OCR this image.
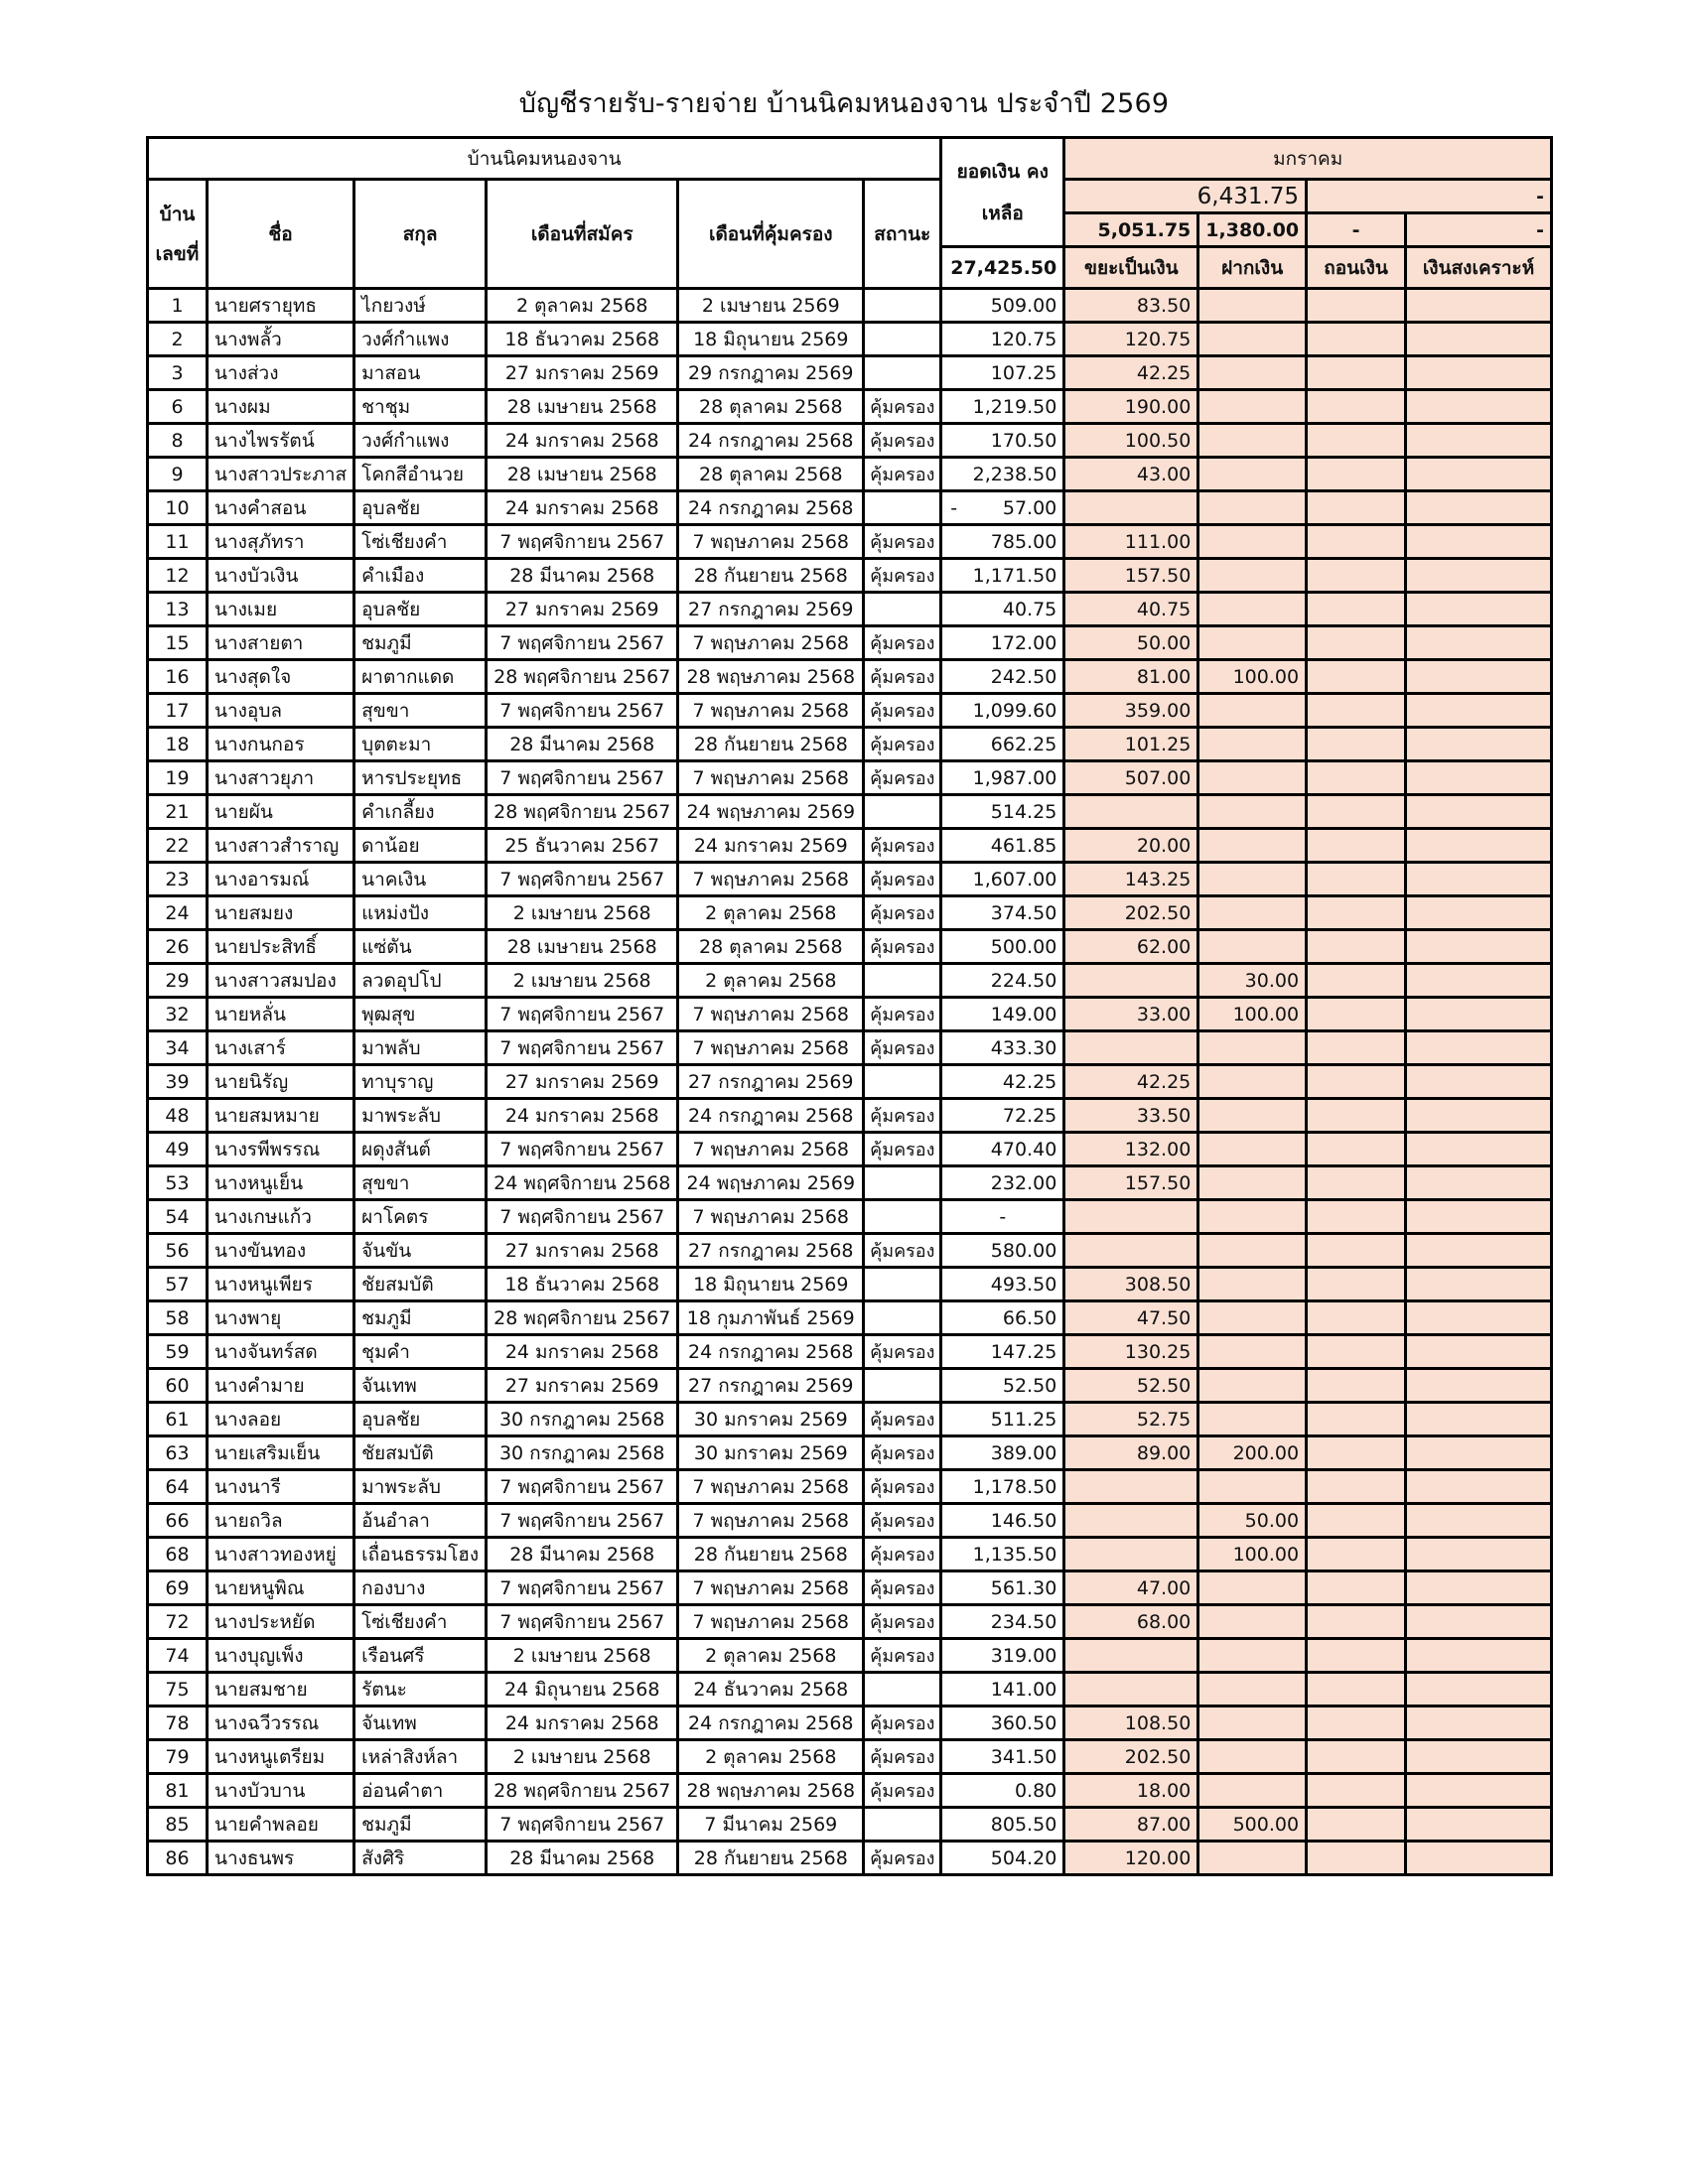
บัญชีรายรับ-รายจ่าย บ้านนิคมหนองจาน ประจำปี 2569
บ้านนิคมหนองจาน						ยอดเงิน คงเหลือ	มกราคม			
บ้าน เลขที่	ชื่อ	สกุล	เดือนที่สมัคร	เดือนที่คุ้มครอง	สถานะ		6,431.75		-	
							5,051.75	1,380.00	-	-
						27,425.50	ขยะเป็นเงิน	ฝากเงิน	ถอนเงิน	เงินสงเคราะห์
1	นายศรายุทธ	ไกยวงษ์	2 ตุลาคม 2568	2 เมษายน 2569		509.00	83.50			
2	นางพลั้ว	วงศ์กำแพง	18 ธันวาคม 2568	18 มิถุนายน 2569		120.75	120.75			
3	นางส่วง	มาสอน	27 มกราคม 2569	29 กรกฎาคม 2569		107.25	42.25			
6	นางผม	ชาชุม	28 เมษายน 2568	28 ตุลาคม 2568	คุ้มครอง	1,219.50	190.00			
8	นางไพรรัตน์	วงศ์กำแพง	24 มกราคม 2568	24 กรกฎาคม 2568	คุ้มครอง	170.50	100.50			
9	นางสาวประภาส	โคกสีอำนวย	28 เมษายน 2568	28 ตุลาคม 2568	คุ้มครอง	2,238.50	43.00			
10	นางคำสอน	อุบลชัย	24 มกราคม 2568	24 กรกฎาคม 2568		- 57.00				

11	นางสุภัทรา	โซ่เชียงคำ	7 พฤศจิกายน 2567	7 พฤษภาคม 2568	คุ้มครอง	785.00	111.00			
12	นางบัวเงิน	คำเมือง	28 มีนาคม 2568	28 กันยายน 2568	คุ้มครอง	1,171.50	157.50			
13	นางเมย	อุบลชัย	27 มกราคม 2569	27 กรกฎาคม 2569		40.75	40.75			
15	นางสายตา	ชมภูมี	7 พฤศจิกายน 2567	7 พฤษภาคม 2568	คุ้มครอง	172.00	50.00			
16	นางสุดใจ	ผาตากแดด	28 พฤศจิกายน 2567	28 พฤษภาคม 2568	คุ้มครอง	242.50	81.00	100.00		
17	นางอุบล	สุขขา	7 พฤศจิกายน 2567	7 พฤษภาคม 2568	คุ้มครอง	1,099.60	359.00			
18	นางกนกอร	บุตตะมา	28 มีนาคม 2568	28 กันยายน 2568	คุ้มครอง	662.25	101.25			
19	นางสาวยุภา	หารประยุทธ	7 พฤศจิกายน 2567	7 พฤษภาคม 2568	คุ้มครอง	1,987.00	507.00			
21	นายผัน	คำเกลี้ยง	28 พฤศจิกายน 2567	24 พฤษภาคม 2569		514.25				
22	นางสาวสำราญ	ดาน้อย	25 ธันวาคม 2567	24 มกราคม 2569	คุ้มครอง	461.85	20.00			
23	นางอารมณ์	นาคเงิน	7 พฤศจิกายน 2567	7 พฤษภาคม 2568	คุ้มครอง	1,607.00	143.25			
24	นายสมยง	แหม่งปัง	2 เมษายน 2568	2 ตุลาคม 2568	คุ้มครอง	374.50	202.50			
26	นายประสิทธิ์	แซ่ตัน	28 เมษายน 2568	28 ตุลาคม 2568	คุ้มครอง	500.00	62.00			
29	นางสาวสมปอง	ลวดอุปโป	2 เมษายน 2568	2 ตุลาคม 2568		224.50		30.00		
32	นายหลั่น	พุฒสุข	7 พฤศจิกายน 2567	7 พฤษภาคม 2568	คุ้มครอง	149.00	33.00	100.00		
34	นางเสาร์	มาพลับ	7 พฤศจิกายน 2567	7 พฤษภาคม 2568	คุ้มครอง	433.30				
39	นายนิรัญ	ทาบุราญ	27 มกราคม 2569	27 กรกฎาคม 2569		42.25	42.25			
48	นายสมหมาย	มาพระลับ	24 มกราคม 2568	24 กรกฎาคม 2568	คุ้มครอง	72.25	33.50			
49	นางรพีพรรณ	ผดุงสันต์	7 พฤศจิกายน 2567	7 พฤษภาคม 2568	คุ้มครอง	470.40	132.00			
53	นางหนูเย็น	สุขขา	24 พฤศจิกายน 2568	24 พฤษภาคม 2569		232.00	157.50			
54	นางเกษแก้ว	ผาโคตร	7 พฤศจิกายน 2567	7 พฤษภาคม 2568		-				
56	นางขันทอง	จันขัน	27 มกราคม 2568	27 กรกฎาคม 2568	คุ้มครอง	580.00				
57	นางหนูเพียร	ชัยสมบัติ	18 ธันวาคม 2568	18 มิถุนายน 2569		493.50	308.50			
58	นางพายุ	ชมภูมี	28 พฤศจิกายน 2567	18 กุมภาพันธ์ 2569		66.50	47.50			
59	นางจันทร์สด	ชุมคำ	24 มกราคม 2568	24 กรกฎาคม 2568	คุ้มครอง	147.25	130.25			
60	นางคำมาย	จันเทพ	27 มกราคม 2569	27 กรกฎาคม 2569		52.50	52.50			
61	นางลอย	อุบลชัย	30 กรกฎาคม 2568	30 มกราคม 2569	คุ้มครอง	511.25	52.75			
63	นายเสริมเย็น	ชัยสมบัติ	30 กรกฎาคม 2568	30 มกราคม 2569	คุ้มครอง	389.00	89.00	200.00		
64	นางนารี	มาพระลับ	7 พฤศจิกายน 2567	7 พฤษภาคม 2568	คุ้มครอง	1,178.50				
66	นายถวิล	อ้นอำลา	7 พฤศจิกายน 2567	7 พฤษภาคม 2568	คุ้มครอง	146.50		50.00		
68	นางสาวทองหยู่	เถื่อนธรรมโฮง	28 มีนาคม 2568	28 กันยายน 2568	คุ้มครอง	1,135.50		100.00		
69	นายหนูพิณ	กองบาง	7 พฤศจิกายน 2567	7 พฤษภาคม 2568	คุ้มครอง	561.30	47.00			
72	นางประหยัด	โซ่เชียงคำ	7 พฤศจิกายน 2567	7 พฤษภาคม 2568	คุ้มครอง	234.50	68.00			
74	นางบุญเพ็ง	เรือนศรี	2 เมษายน 2568	2 ตุลาคม 2568	คุ้มครอง	319.00				
75	นายสมชาย	รัตนะ	24 มิถุนายน 2568	24 ธันวาคม 2568		141.00				
78	นางฉวีวรรณ	จันเทพ	24 มกราคม 2568	24 กรกฎาคม 2568	คุ้มครอง	360.50	108.50			
79	นางหนูเตรียม	เหล่าสิงห์ลา	2 เมษายน 2568	2 ตุลาคม 2568	คุ้มครอง	341.50	202.50			
81	นางบัวบาน	อ่อนคำตา	28 พฤศจิกายน 2567	28 พฤษภาคม 2568	คุ้มครอง	0.80	18.00			
85	นายคำพลอย	ชมภูมี	7 พฤศจิกายน 2567	7 มีนาคม 2569		805.50	87.00	500.00		
86	นางธนพร	สังศิริ	28 มีนาคม 2568	28 กันยายน 2568	คุ้มครอง	504.20	120.00			
